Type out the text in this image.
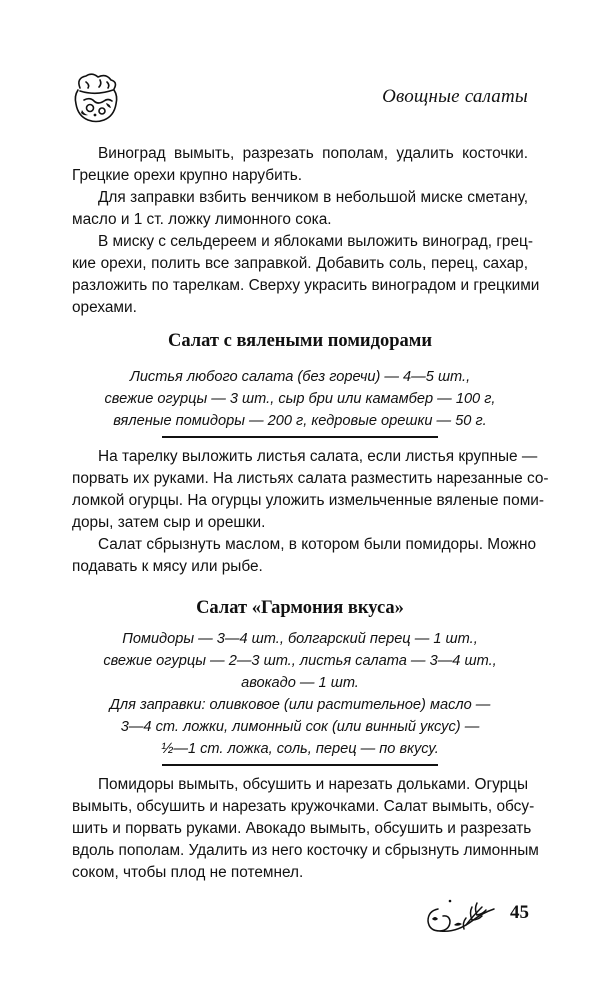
Овощные салаты
Виноград вымыть, разрезать пополам, удалить косточки.
Грецкие орехи крупно нарубить.
Для заправки взбить венчиком в небольшой миске сметану,
масло и 1 ст. ложку лимонного сока.
В миску с сельдереем и яблоками выложить виноград, грец-
кие орехи, полить все заправкой. Добавить соль, перец, сахар,
разложить по тарелкам. Сверху украсить виноградом и грецкими
орехами.
Салат с вялеными помидорами
Листья любого салата (без горечи) — 4—5 шт.,
свежие огурцы — 3 шт., сыр бри или камамбер — 100 г,
вяленые помидоры — 200 г, кедровые орешки — 50 г.
На тарелку выложить листья салата, если листья крупные —
порвать их руками. На листьях салата разместить нарезанные со-
ломкой огурцы. На огурцы уложить измельченные вяленые поми-
доры, затем сыр и орешки.
Салат сбрызнуть маслом, в котором были помидоры. Можно
подавать к мясу или рыбе.
Салат «Гармония вкуса»
Помидоры — 3—4 шт., болгарский перец — 1 шт.,
свежие огурцы — 2—3 шт., листья салата — 3—4 шт.,
авокадо — 1 шт.
Для заправки: оливковое (или растительное) масло —
3—4 ст. ложки, лимонный сок (или винный уксус) —
½—1 ст. ложка, соль, перец — по вкусу.
Помидоры вымыть, обсушить и нарезать дольками. Огурцы
вымыть, обсушить и нарезать кружочками. Салат вымыть, обсу-
шить и порвать руками. Авокадо вымыть, обсушить и разрезать
вдоль пополам. Удалить из него косточку и сбрызнуть лимонным
соком, чтобы плод не потемнел.
45
